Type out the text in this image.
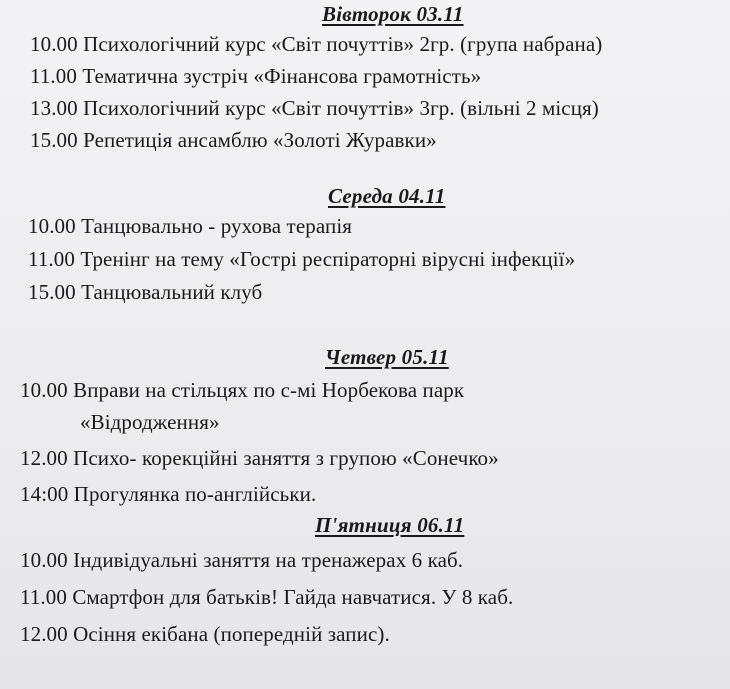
Вівторок 03.11
10.00 Психологічний курс «Світ почуттів» 2гр. (група набрана)
11.00 Тематична зустріч «Фінансова грамотність»
13.00 Психологічний курс «Світ почуттів» 3гр. (вільні 2 місця)
15.00 Репетиція ансамблю «Золоті Журавки»
Середа 04.11
10.00 Танцювально - рухова терапія
11.00 Тренінг на тему «Гострі респіраторні вірусні інфекції»
15.00 Танцювальний клуб
Четвер 05.11
10.00 Вправи на стільцях по с-мі Норбекова парк
«Відродження»
12.00 Психо- корекційні заняття з групою «Сонечко»
14:00 Прогулянка по-англійськи.
П'ятниця 06.11
10.00 Індивідуальні заняття на тренажерах 6 каб.
11.00 Смартфон для батьків! Гайда навчатися. У 8 каб.
12.00 Осіння екібана (попередній запис).
